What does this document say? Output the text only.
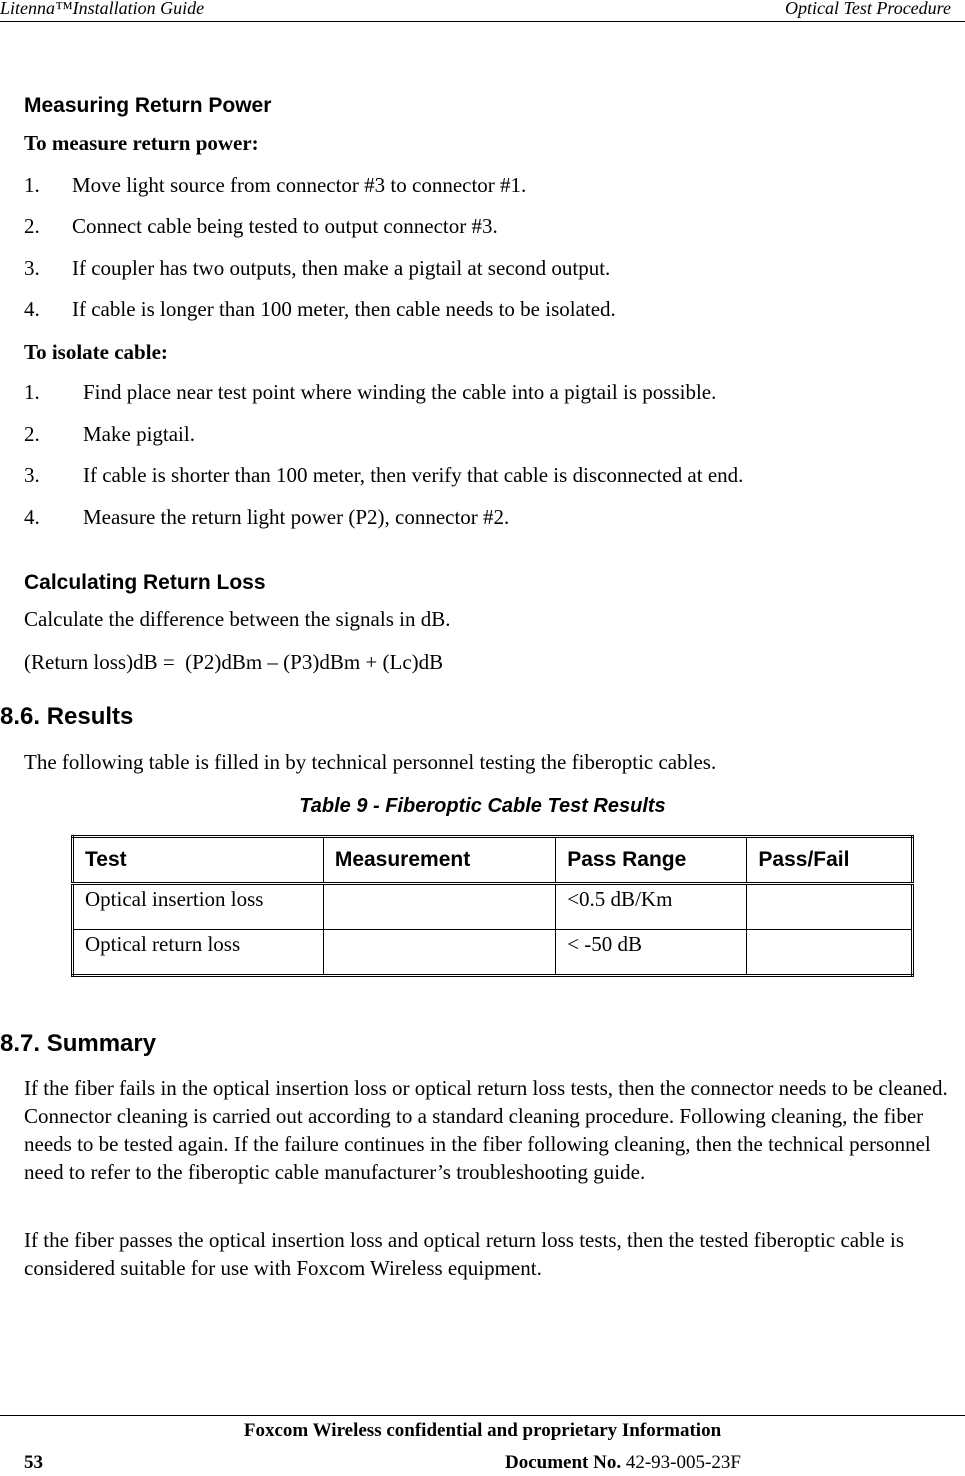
Litenna™Installation Guide	Optical Test Procedure
Measuring Return Power
To measure return power:
1. Move light source from connector #3 to connector #1.
2. Connect cable being tested to output connector #3.
3. If coupler has two outputs, then make a pigtail at second output.
4. If cable is longer than 100 meter, then cable needs to be isolated.
To isolate cable:
1. Find place near test point where winding the cable into a pigtail is possible.
2. Make pigtail.
3. If cable is shorter than 100 meter, then verify that cable is disconnected at end.
4. Measure the return light power (P2), connector #2.
Calculating Return Loss
Calculate the difference between the signals in dB.
(Return loss)dB =  (P2)dBm – (P3)dBm + (Lc)dB
8.6. Results
The following table is filled in by technical personnel testing the fiberoptic cables.
Table 9 - Fiberoptic Cable Test Results
Test	Measurement	Pass Range	Pass/Fail
Optical insertion loss		<0.5 dB/Km	
Optical return loss		< -50 dB	
8.7. Summary
If the fiber fails in the optical insertion loss or optical return loss tests, then the connector needs to be cleaned. Connector cleaning is carried out according to a standard cleaning procedure. Following cleaning, the fiber needs to be tested again. If the failure continues in the fiber following cleaning, then the technical personnel need to refer to the fiberoptic cable manufacturer’s troubleshooting guide.
If the fiber passes the optical insertion loss and optical return loss tests, then the tested fiberoptic cable is considered suitable for use with Foxcom Wireless equipment.
Foxcom Wireless confidential and proprietary Information
53	Document No. 42-93-005-23F
